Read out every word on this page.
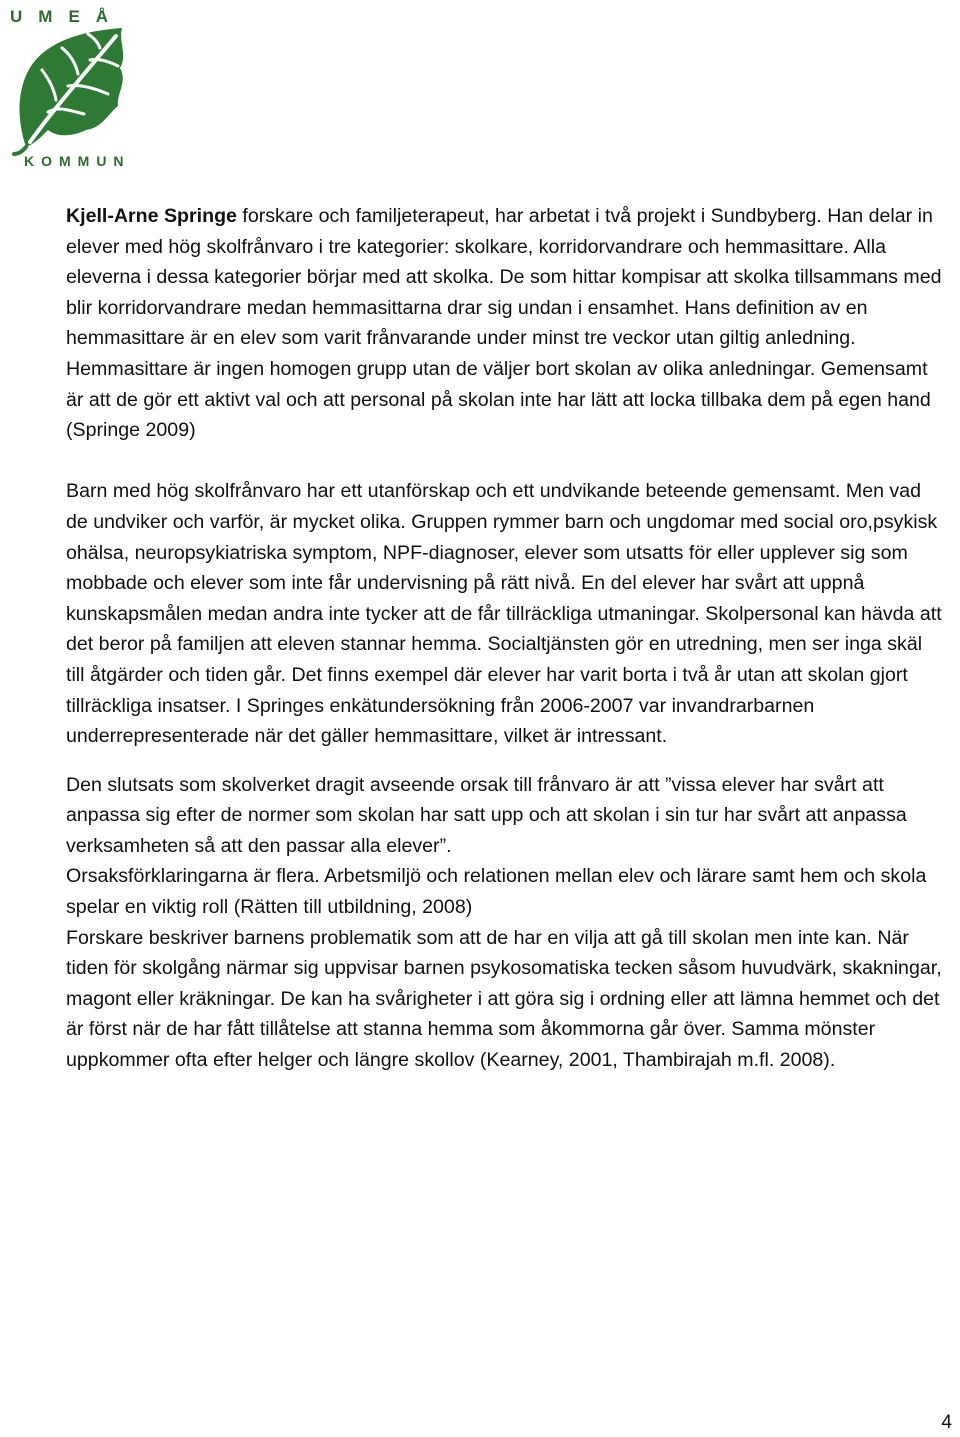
UMEÅ
KOMMUN

Kjell-Arne Springe forskare och familjeterapeut, har arbetat i två projekt i Sundbyberg. Han delar in elever med hög skolfrånvaro i tre kategorier: skolkare, korridorvandrare och hemmasittare. Alla eleverna i dessa kategorier börjar med att skolka. De som hittar kompisar att skolka tillsammans med blir korridorvandrare medan hemmasittarna drar sig undan i ensamhet. Hans definition av en hemmasittare är en elev som varit frånvarande under minst tre veckor utan giltig anledning. Hemmasittare är ingen homogen grupp utan de väljer bort skolan av olika anledningar. Gemensamt är att de gör ett aktivt val och att personal på skolan inte har lätt att locka tillbaka dem på egen hand (Springe 2009)

Barn med hög skolfrånvaro har ett utanförskap och ett undvikande beteende gemensamt. Men vad de undviker och varför, är mycket olika. Gruppen rymmer barn och ungdomar med social oro,psykisk ohälsa, neuropsykiatriska symptom, NPF-diagnoser, elever som utsatts för eller upplever sig som mobbade och elever som inte får undervisning på rätt nivå. En del elever har svårt att uppnå kunskapsmålen medan andra inte tycker att de får tillräckliga utmaningar. Skolpersonal kan hävda att det beror på familjen att eleven stannar hemma. Socialtjänsten gör en utredning, men ser inga skäl till åtgärder och tiden går. Det finns exempel där elever har varit borta i två år utan att skolan gjort tillräckliga insatser. I Springes enkätundersökning från 2006-2007 var invandrarbarnen underrepresenterade när det gäller hemmasittare, vilket är intressant.

Den slutsats som skolverket dragit avseende orsak till frånvaro är att ”vissa elever har svårt att anpassa sig efter de normer som skolan har satt upp och att skolan i sin tur har svårt att anpassa verksamheten så att den passar alla elever”.

Orsaksförklaringarna är flera. Arbetsmiljö och relationen mellan elev och lärare samt hem och skola spelar en viktig roll (Rätten till utbildning, 2008)

Forskare beskriver barnens problematik som att de har en vilja att gå till skolan men inte kan. När tiden för skolgång närmar sig uppvisar barnen psykosomatiska tecken såsom huvudvärk, skakningar, magont eller kräkningar. De kan ha svårigheter i att göra sig i ordning eller att lämna hemmet och det är först när de har fått tillåtelse att stanna hemma som åkommorna går över. Samma mönster uppkommer ofta efter helger och längre skollov (Kearney, 2001, Thambirajah m.fl. 2008).

4
